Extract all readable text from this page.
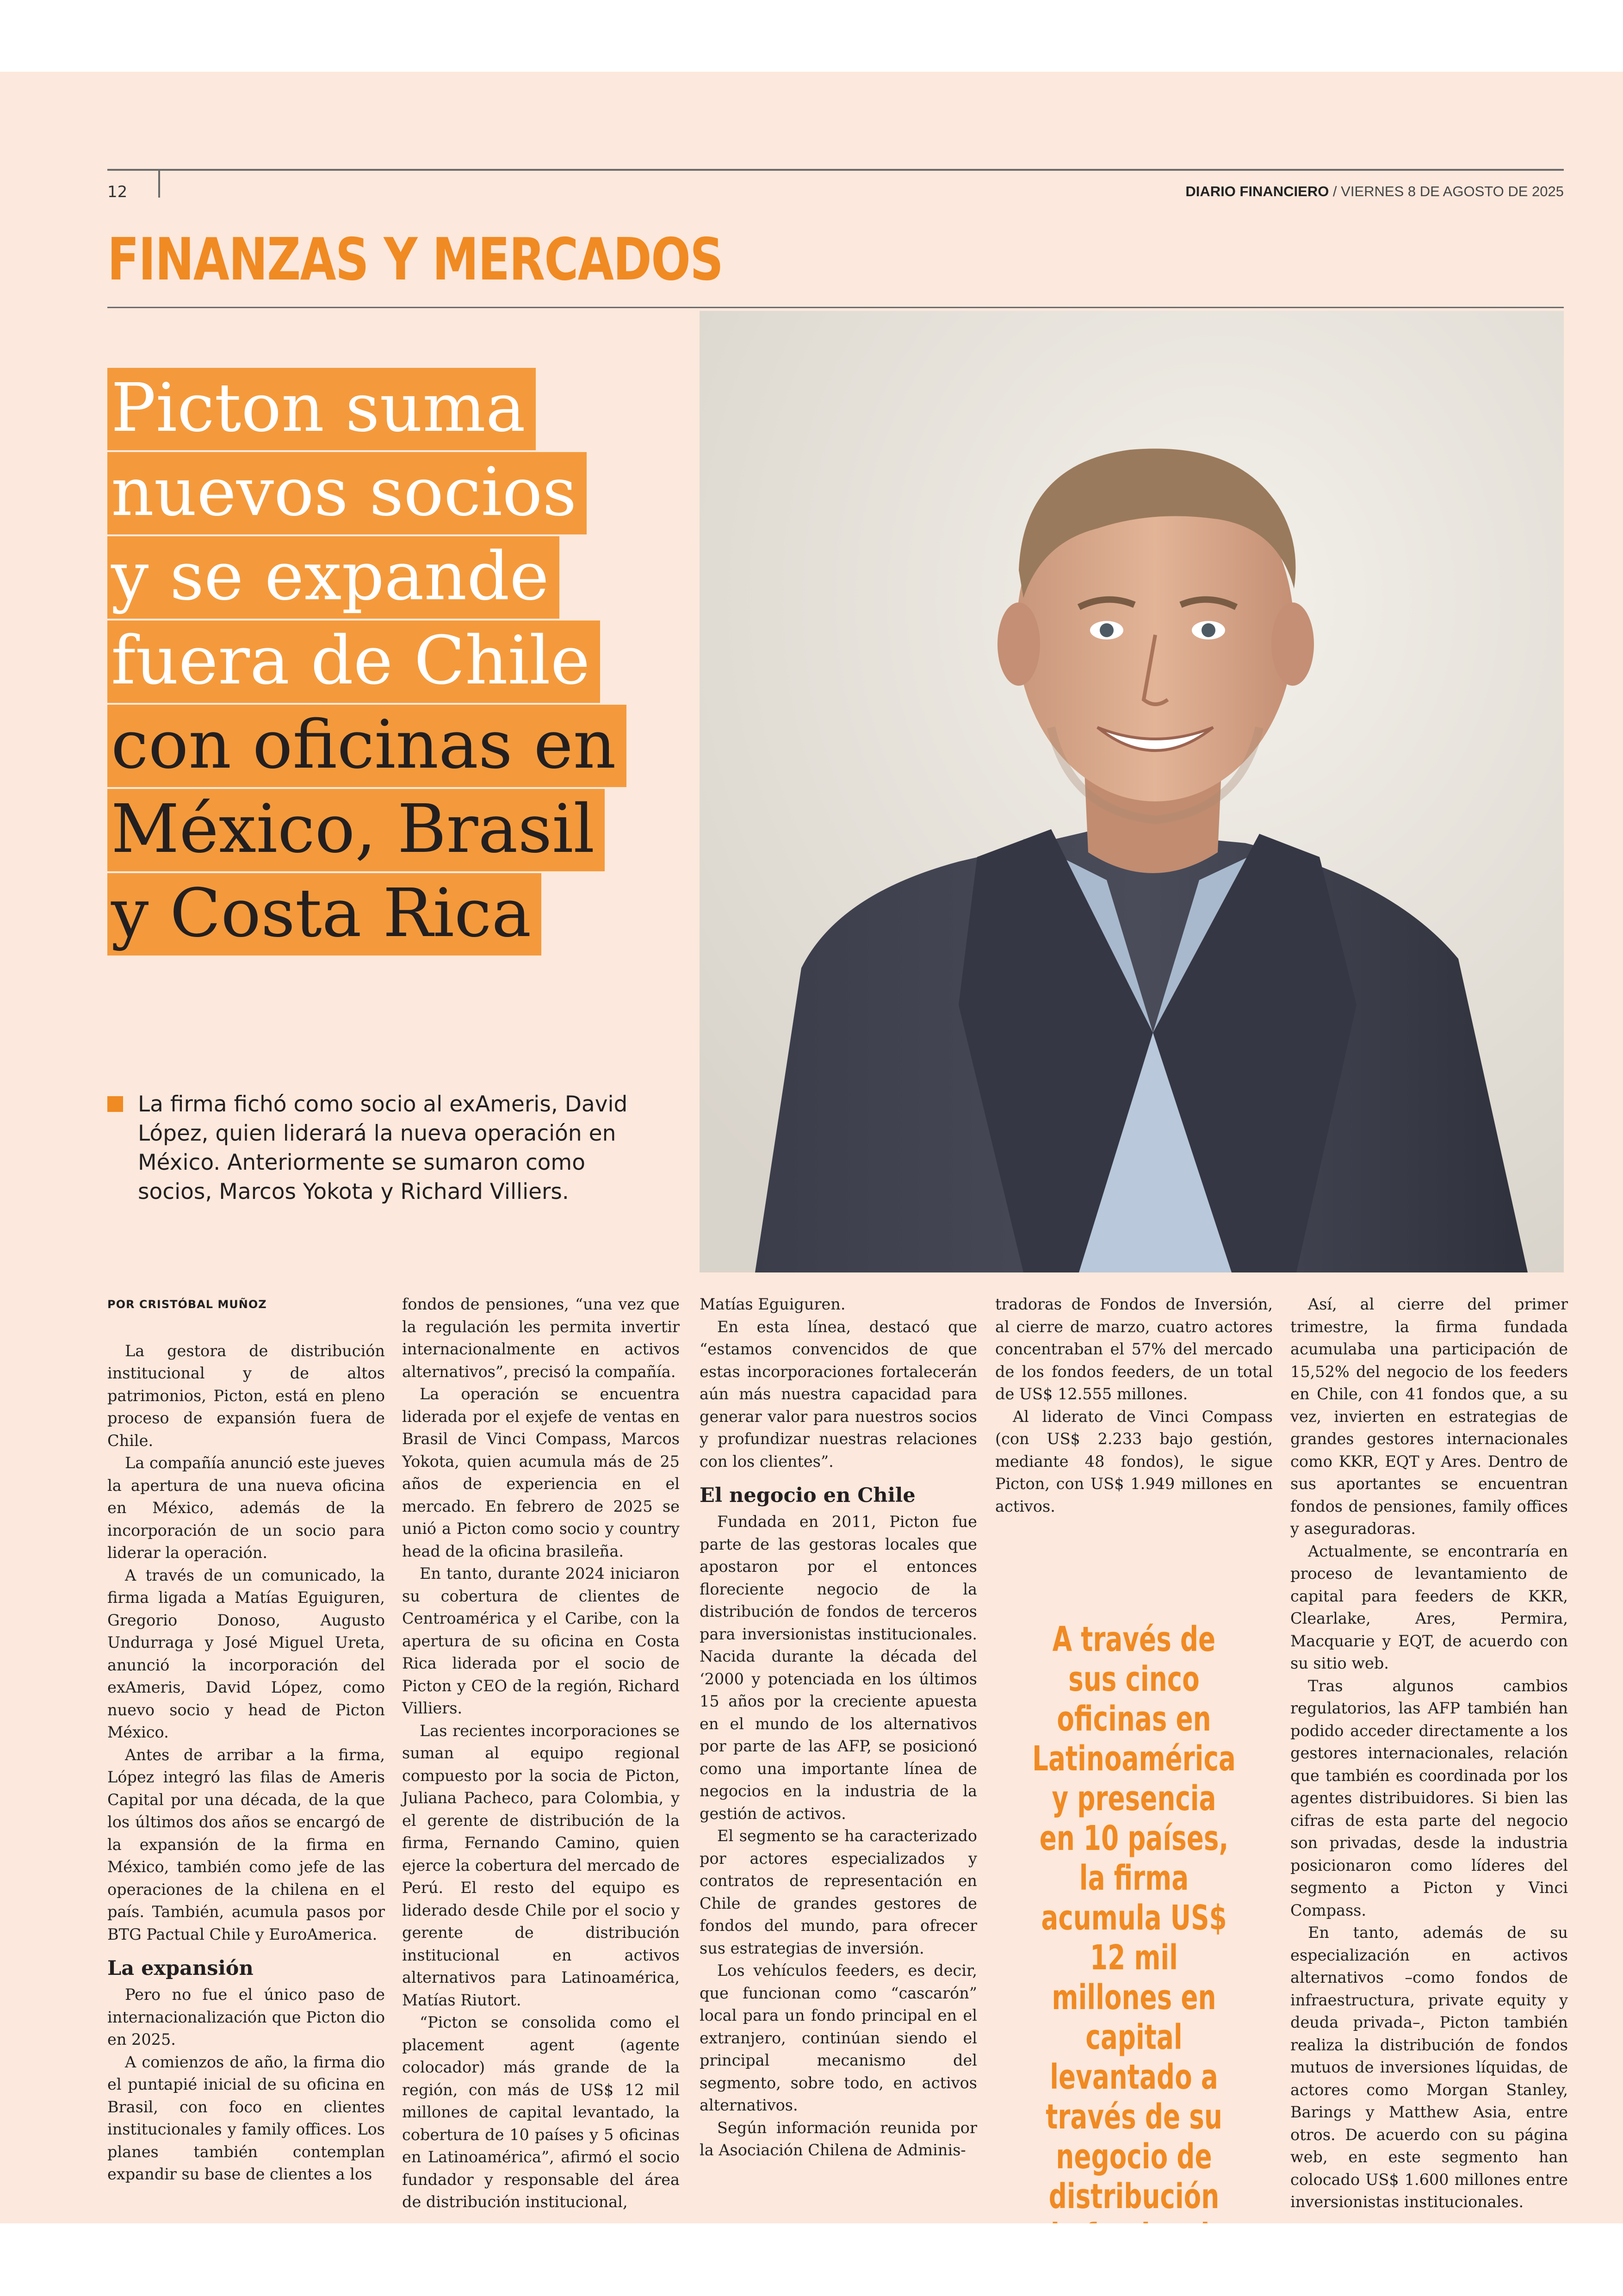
12	DIARIO FINANCIERO / VIERNES 8 DE AGOSTO DE 2025
FINANZAS Y MERCADOS
Picton suma
nuevos socios
y se expande
fuera de Chile
con oficinas en
México, Brasil
y Costa Rica
La firma fichó como socio al exAmeris, David López, quien liderará la nueva operación en México. Anteriormente se sumaron como socios, Marcos Yokota y Richard Villiers.

POR CRISTÓBAL MUÑOZ

La gestora de distribución institucional y de altos patrimonios, Picton, está en pleno proceso de expansión fuera de Chile.

La compañía anunció este jueves la apertura de una nueva oficina en México, además de la incorporación de un socio para liderar la operación.

A través de un comunicado, la firma ligada a Matías Eguiguren, Gregorio Donoso, Augusto Undurraga y José Miguel Ureta, anunció la incorporación del exAmeris, David López, como nuevo socio y head de Picton México.

Antes de arribar a la firma, López integró las filas de Ameris Capital por una década, de la que los últimos dos años se encargó de la expansión de la firma en México, también como jefe de las operaciones de la chilena en el país. También, acumula pasos por BTG Pactual Chile y EuroAmerica.

La expansión

Pero no fue el único paso de internacionalización que Picton dio en 2025.

A comienzos de año, la firma dio el puntapié inicial de su oficina en Brasil, con foco en clientes institucionales y family offices. Los planes también contemplan expandir su base de clientes a los

fondos de pensiones, “una vez que la regulación les permita invertir internacionalmente en activos alternativos”, precisó la compañía.

La operación se encuentra liderada por el exjefe de ventas en Brasil de Vinci Compass, Marcos Yokota, quien acumula más de 25 años de experiencia en el mercado. En febrero de 2025 se unió a Picton como socio y country head de la oficina brasileña.

En tanto, durante 2024 iniciaron su cobertura de clientes de Centroamérica y el Caribe, con la apertura de su oficina en Costa Rica liderada por el socio de Picton y CEO de la región, Richard Villiers.

Las recientes incorporaciones se suman al equipo regional compuesto por la socia de Picton, Juliana Pacheco, para Colombia, y el gerente de distribución de la firma, Fernando Camino, quien ejerce la cobertura del mercado de Perú. El resto del equipo es liderado desde Chile por el socio y gerente de distribución institucional en activos alternativos para Latinoamérica, Matías Riutort.

“Picton se consolida como el placement agent (agente colocador) más grande de la región, con más de US$ 12 mil millones de capital levantado, la cobertura de 10 países y 5 oficinas en Latinoamérica”, afirmó el socio fundador y responsable del área de distribución institucional,

Matías Eguiguren.

En esta línea, destacó que “estamos convencidos de que estas incorporaciones fortalecerán aún más nuestra capacidad para generar valor para nuestros socios y profundizar nuestras relaciones con los clientes”.

El negocio en Chile

Fundada en 2011, Picton fue parte de las gestoras locales que apostaron por el entonces floreciente negocio de la distribución de fondos de terceros para inversionistas institucionales. Nacida durante la década del ‘2000 y potenciada en los últimos 15 años por la creciente apuesta en el mundo de los alternativos por parte de las AFP, se posicionó como una importante línea de negocios en la industria de la gestión de activos.

El segmento se ha caracterizado por actores especializados y contratos de representación en Chile de grandes gestores de fondos del mundo, para ofrecer sus estrategias de inversión.

Los vehículos feeders, es decir, que funcionan como “cascarón” local para un fondo principal en el extranjero, continúan siendo el principal mecanismo del segmento, sobre todo, en activos alternativos.

Según información reunida por la Asociación Chilena de Adminis-

tradoras de Fondos de Inversión, al cierre de marzo, cuatro actores concentraban el 57% del mercado de los fondos feeders, de un total de US$ 12.555 millones.

Al liderato de Vinci Compass (con US$ 2.233 bajo gestión, mediante 48 fondos), le sigue Picton, con US$ 1.949 millones en activos.

A través de sus cinco oficinas en Latinoamérica y presencia en 10 países, la firma acumula US$ 12 mil millones en capital levantado a través de su negocio de distribución

Así, al cierre del primer trimestre, la firma fundada acumulaba una participación de 15,52% del negocio de los feeders en Chile, con 41 fondos que, a su vez, invierten en estrategias de grandes gestores internacionales como KKR, EQT y Ares. Dentro de sus aportantes se encuentran fondos de pensiones, family offices y aseguradoras.

Actualmente, se encontraría en proceso de levantamiento de capital para feeders de KKR, Clearlake, Ares, Permira, Macquarie y EQT, de acuerdo con su sitio web.

Tras algunos cambios regulatorios, las AFP también han podido acceder directamente a los gestores internacionales, relación que también es coordinada por los agentes distribuidores. Si bien las cifras de esta parte del negocio son privadas, desde la industria posicionaron como líderes del segmento a Picton y Vinci Compass.

En tanto, además de su especialización en activos alternativos –como fondos de infraestructura, private equity y deuda privada–, Picton también realiza la distribución de fondos mutuos de inversiones líquidas, de actores como Morgan Stanley, Barings y Matthew Asia, entre otros. De acuerdo con su página web, en este segmento han colocado US$ 1.600 millones entre inversionistas institucionales.
